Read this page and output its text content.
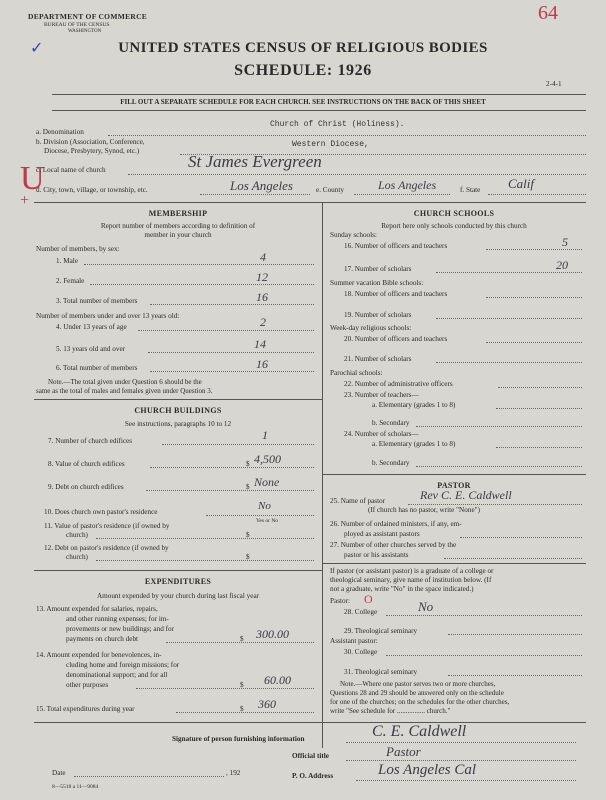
DEPARTMENT OF COMMERCE
BUREAU OF THE CENSUS
WASHINGTON
64
UNITED STATES CENSUS OF RELIGIOUS BODIES
SCHEDULE: 1926
2-4-1
FILL OUT A SEPARATE SCHEDULE FOR EACH CHURCH. SEE INSTRUCTIONS ON THE BACK OF THIS SHEET
✓
U
+
a. Denomination
Church of Christ (Holiness).
b. Division (Association, Conference,
Diocese, Presbytery, Synod, etc.)
Western Diocese,
c. Local name of church	St James Evergreen
d. City, town, village, or township, etc.	Los Angeles	e. County	Los Angeles	f. State Calif
MEMBERSHIP
Report number of members according to definition of
member in your church
Number of members, by sex:
1. Male	4
2. Female	12
3. Total number of members	16
Number of members under and over 13 years old:
4. Under 13 years of age	2
5. 13 years old and over	14
6. Total number of members	16
Note.—The total given under Question 6 should be the
same as the total of males and females given under Question 3.
CHURCH BUILDINGS
See instructions, paragraphs 10 to 12
7. Number of church edifices	1
8. Value of church edifices	$ 4,500
9. Debt on church edifices	$ None
10. Does church own pastor's residence	No
Yes or No
11. Value of pastor's residence (if owned by
church)	$
12. Debt on pastor's residence (if owned by
church)	$
EXPENDITURES
Amount expended by your church during last fiscal year
13. Amount expended for salaries, repairs,
and other running expenses; for im-
provements or new buildings; and for
payments on church debt	$ 300.00
14. Amount expended for benevolences, in-
cluding home and foreign missions; for
denominational support; and for all
other purposes	$ 60.00
15. Total expenditures during year	$ 360
CHURCH SCHOOLS
Report here only schools conducted by this church
Sunday schools:
16. Number of officers and teachers	5
17. Number of scholars	20
Summer vacation Bible schools:
18. Number of officers and teachers
19. Number of scholars
Week-day religious schools:
20. Number of officers and teachers
21. Number of scholars
Parochial schools:
22. Number of administrative officers
23. Number of teachers—
a. Elementary (grades 1 to 8)
b. Secondary
24. Number of scholars—
a. Elementary (grades 1 to 8)
b. Secondary
PASTOR
25. Name of pastor	Rev C. E. Caldwell
(If church has no pastor, write "None")
26. Number of ordained ministers, if any, em-
ployed as assistant pastors
27. Number of other churches served by the
pastor or his assistants
If pastor (or assistant pastor) is a graduate of a college or
theological seminary, give name of institution below. (If
not a graduate, write "No" in the space indicated.)
Pastor: O
28. College	No
29. Theological seminary
Assistant pastor:
30. College
31. Theological seminary
Note.—Where one pastor serves two or more churches,
Questions 28 and 29 should be answered only on the schedule
for one of the churches; on the schedules for the other churches,
write "See schedule for ................ church."
Signature of person furnishing information	C. E. Caldwell
Official title	Pastor
Date	, 192	P. O. Address	Los Angeles Cal
8—5518 a 11—9084
